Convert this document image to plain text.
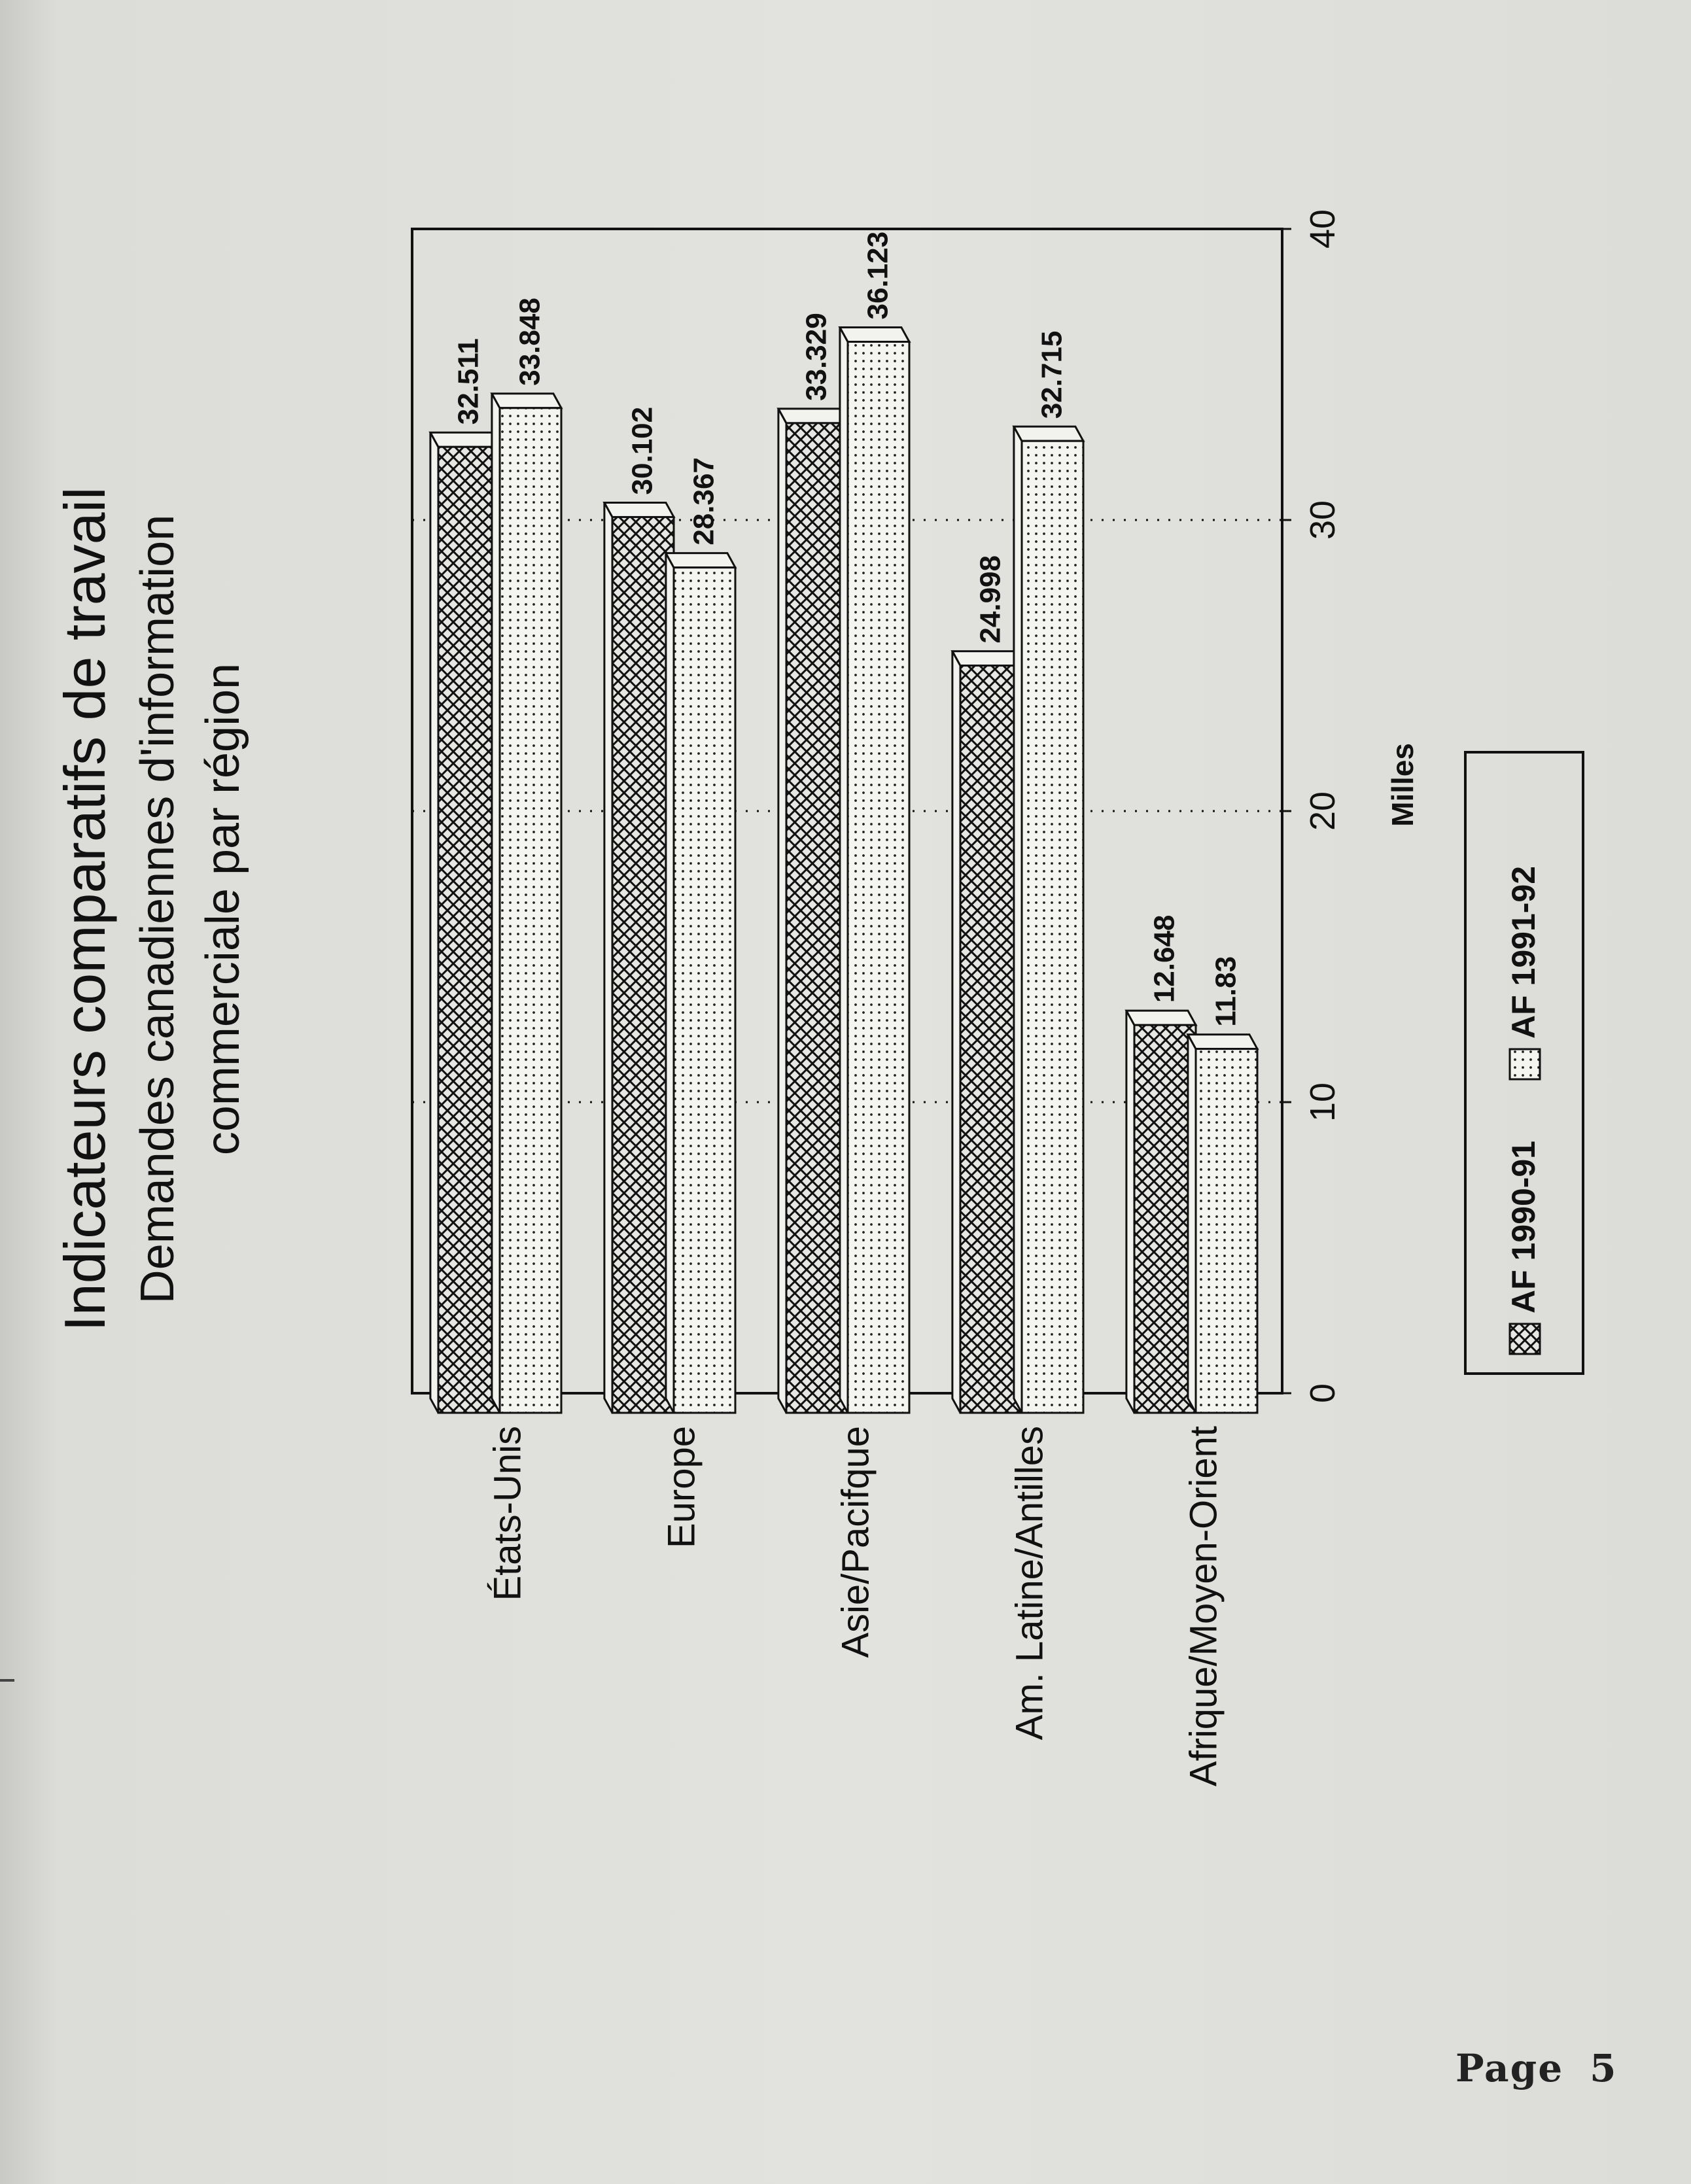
Indicateurs comparatifs de travail Demandes canadiennes d'information commerciale par région
32.511 33.848
30.102
28.367
33.329
36.123
24.998
32.715
12.648 11.83
États-Unis	Europe	Asie/Pacifque	Am. Latine/Antilles	Afrique/Moyen-Orient
0
10
20
30
40
Milles
AF 1990-91
AF 1991-92
Page 5
